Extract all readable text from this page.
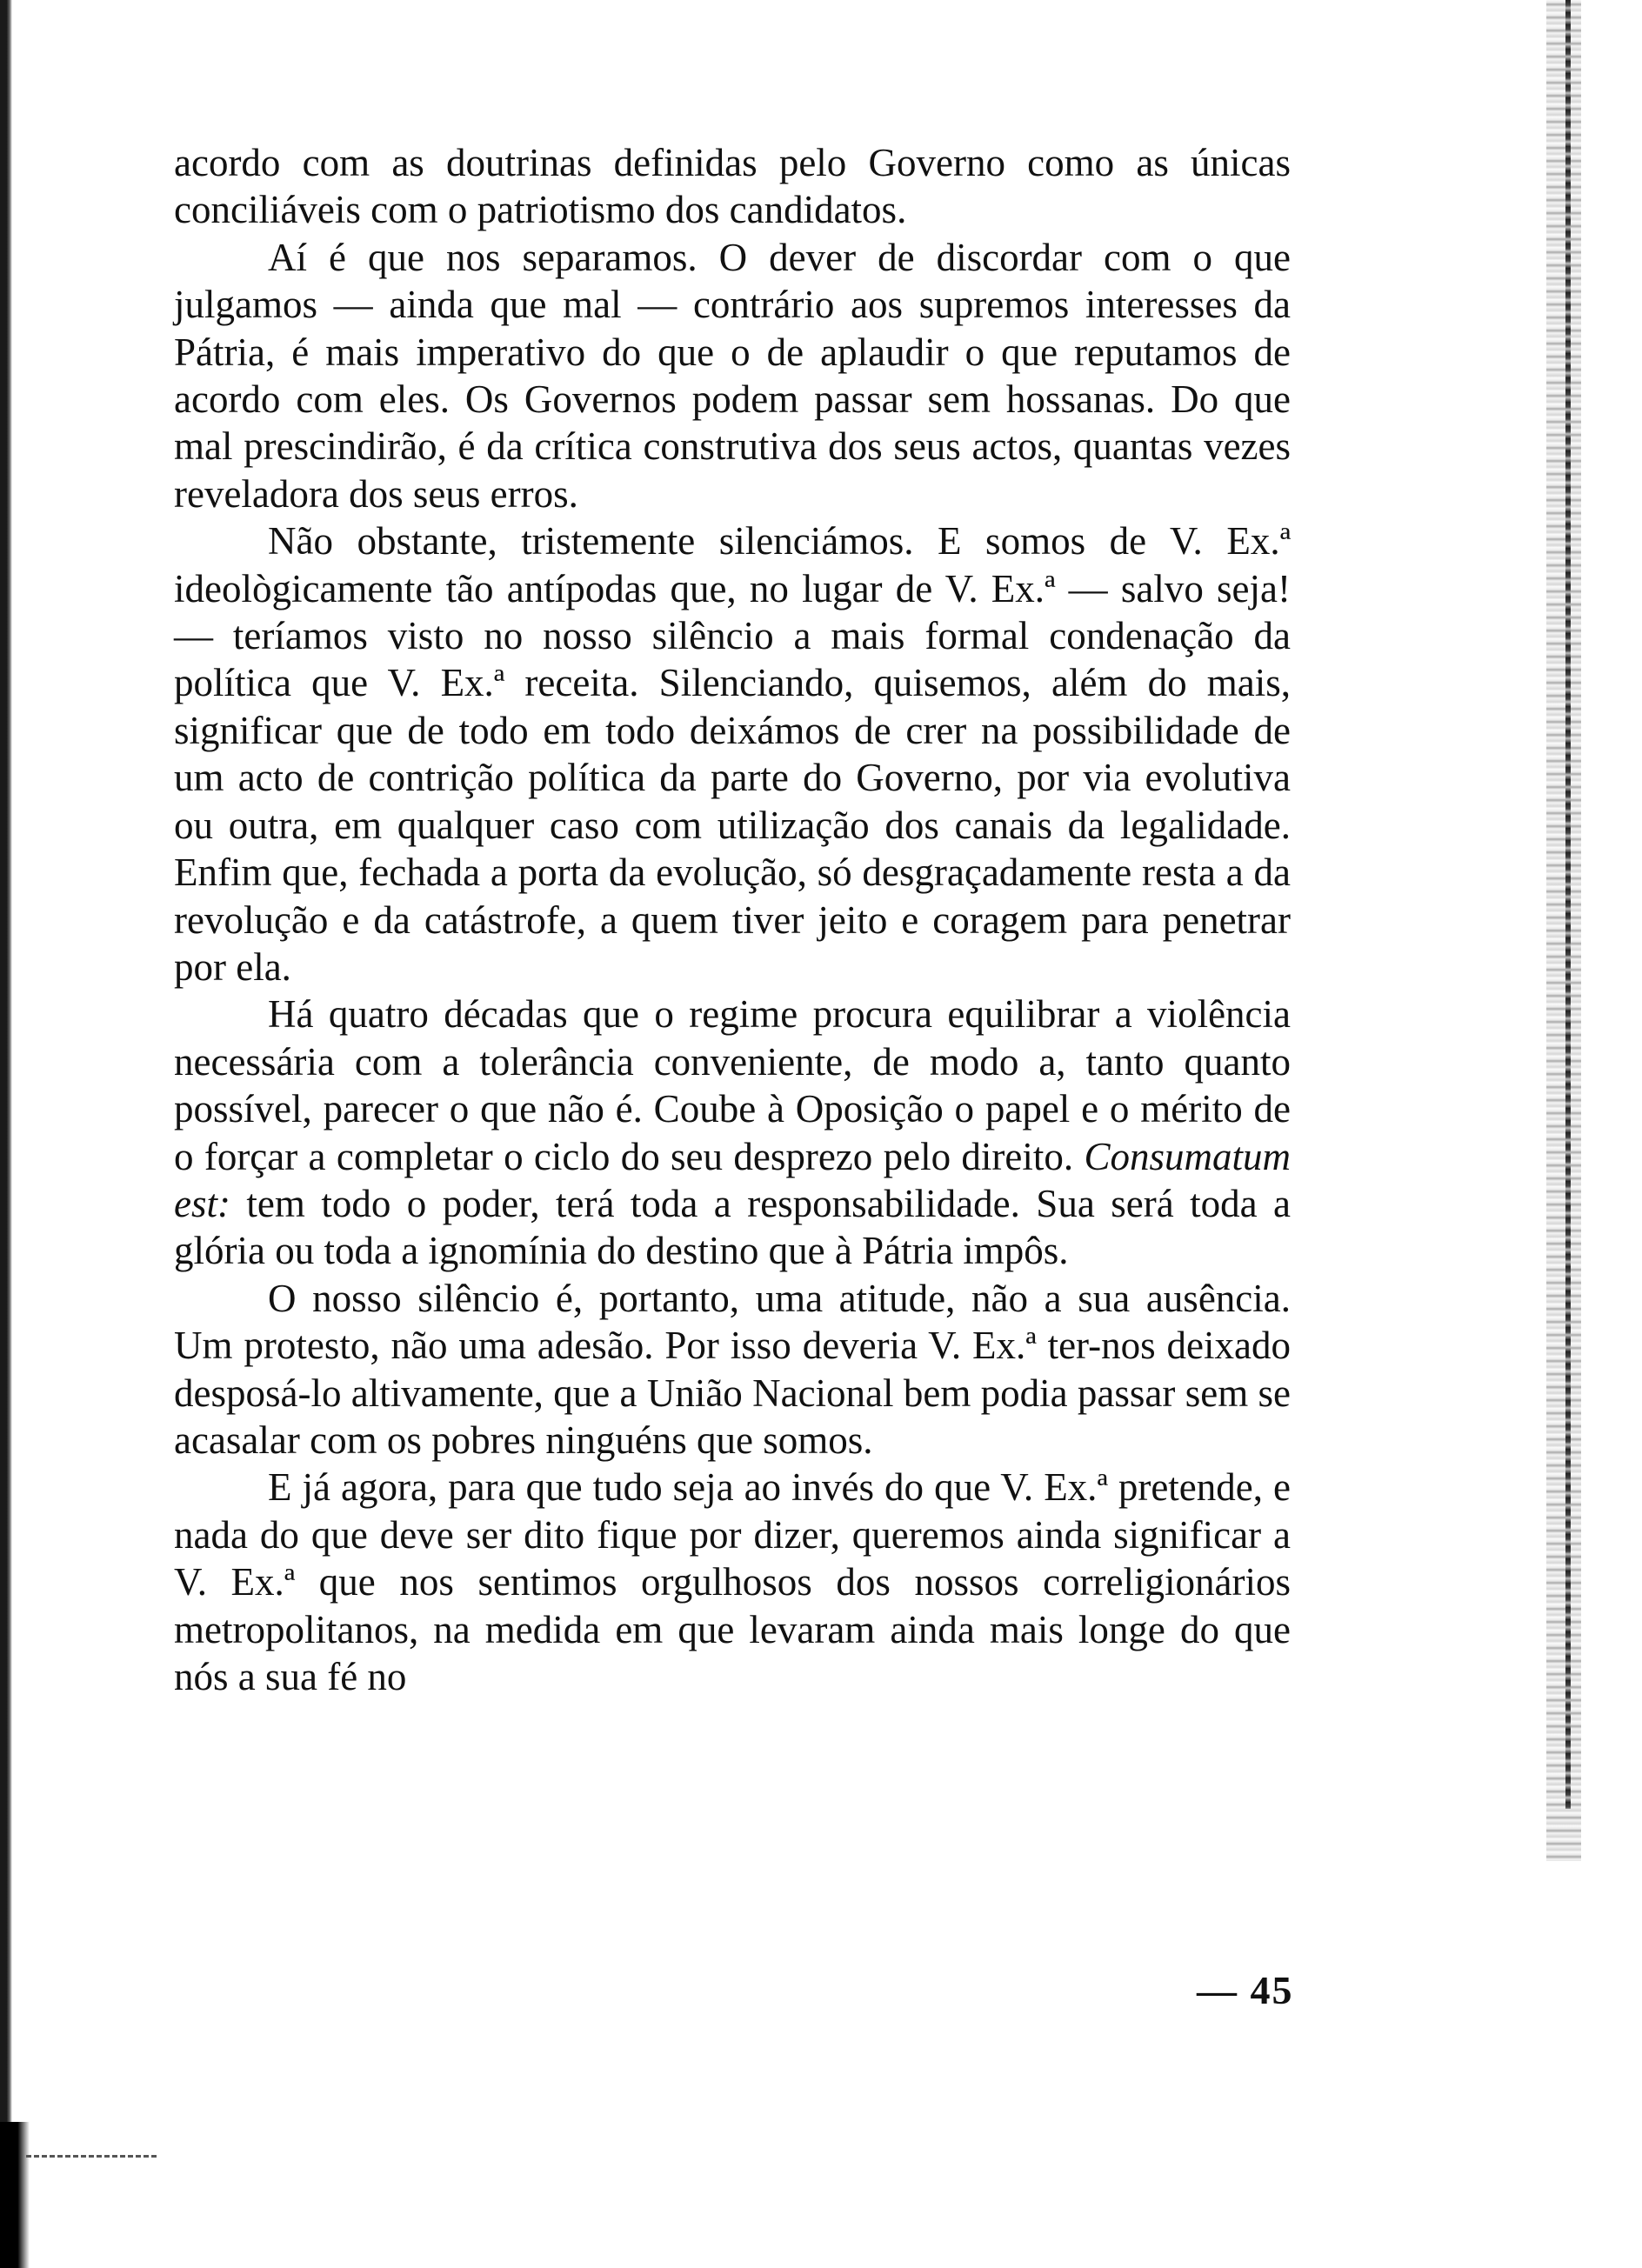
acordo com as doutrinas definidas pelo Governo como as únicas conciliáveis com o patriotismo dos candidatos.

Aí é que nos separamos. O dever de discordar com o que julgamos — ainda que mal — contrário aos supremos interesses da Pátria, é mais imperativo do que o de aplaudir o que reputamos de acordo com eles. Os Governos podem passar sem hossanas. Do que mal prescindirão, é da crítica construtiva dos seus actos, quantas vezes reveladora dos seus erros.

Não obstante, tristemente silenciámos. E somos de V. Ex.ª ideològicamente tão antípodas que, no lugar de V. Ex.ª — salvo seja! — teríamos visto no nosso silêncio a mais formal condenação da política que V. Ex.ª receita. Silenciando, quisemos, além do mais, significar que de todo em todo deixámos de crer na possibilidade de um acto de contrição política da parte do Governo, por via evolutiva ou outra, em qualquer caso com utilização dos canais da legalidade. Enfim que, fechada a porta da evolução, só desgraçadamente resta a da revolução e da catástrofe, a quem tiver jeito e coragem para penetrar por ela.

Há quatro décadas que o regime procura equilibrar a violência necessária com a tolerância conveniente, de modo a, tanto quanto possível, parecer o que não é. Coube à Oposição o papel e o mérito de o forçar a completar o ciclo do seu desprezo pelo direito. Consumatum est: tem todo o poder, terá toda a responsabilidade. Sua será toda a glória ou toda a ignomínia do destino que à Pátria impôs.

O nosso silêncio é, portanto, uma atitude, não a sua ausência. Um protesto, não uma adesão. Por isso deveria V. Ex.ª ter-nos deixado desposá-lo altivamente, que a União Nacional bem podia passar sem se acasalar com os pobres ninguéns que somos.

E já agora, para que tudo seja ao invés do que V. Ex.ª pretende, e nada do que deve ser dito fique por dizer, queremos ainda significar a V. Ex.ª que nos sentimos orgulhosos dos nossos correligionários metropolitanos, na medida em que levaram ainda mais longe do que nós a sua fé no

— 45
